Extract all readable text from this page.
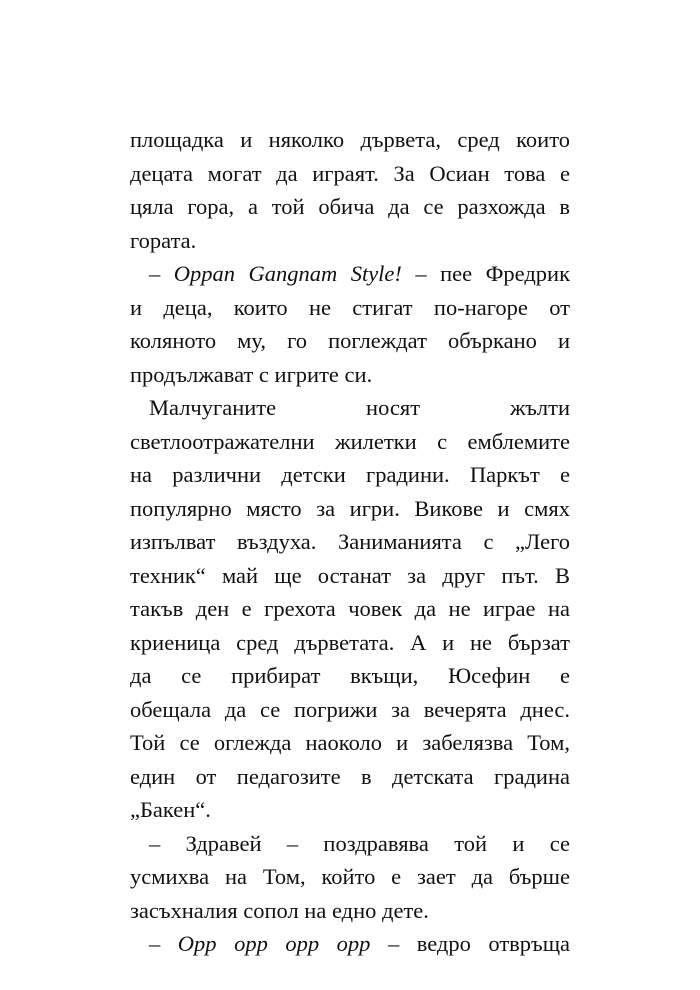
площадка и няколко дървета, сред които
децата могат да играят. За Осиан това е
цяла гора, а той обича да се разхожда в
гората.
– Oppan Gangnam Style! – пее Фредрик
и деца, които не стигат по-нагоре от
коляното му, го поглеждат объркано и
продължават с игрите си.
Малчуганите носят жълти
светлоотражателни жилетки с емблемите
на различни детски градини. Паркът е
популярно място за игри. Викове и смях
изпълват въздуха. Заниманията с „Лего
техник“ май ще останат за друг път. В
такъв ден е грехота човек да не играе на
криеница сред дърветата. А и не бързат
да се прибират вкъщи, Юсефин е
обещала да се погрижи за вечерята днес.
Той се оглежда наоколо и забелязва Том,
един от педагозите в детската градина
„Бакен“.
– Здравей – поздравява той и се
усмихва на Том, който е зает да бърше
засъхналия сопол на едно дете.
– Opp opp opp opp – ведро отвръща
